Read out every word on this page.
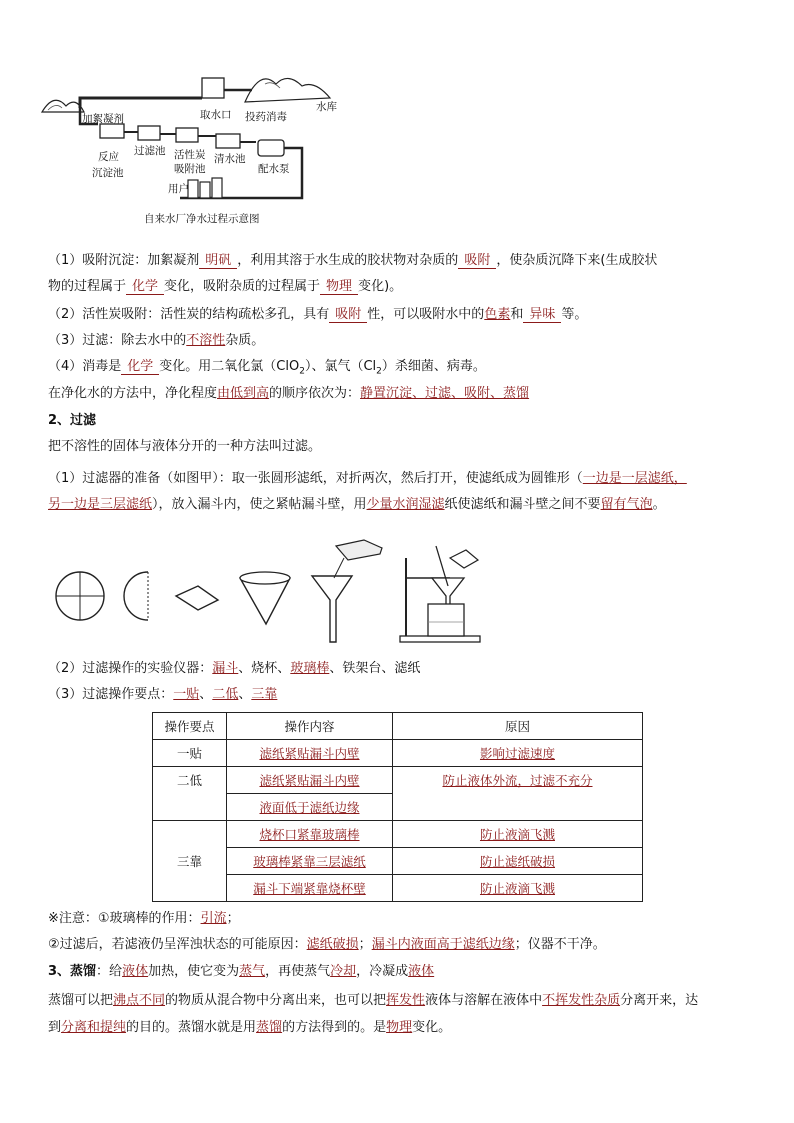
取水口
水库
投药消毒
加絮凝剂
反应
沉淀池
过滤池 活性炭
吸附池
清水池
配水泵
用户
自来水厂净水过程示意图
（1）吸附沉淀：加絮凝剂 明矾 ，利用其溶于水生成的胶状物对杂质的 吸附 ，使杂质沉降下来(生成胶状
物的过程属于 化学 变化，吸附杂质的过程属于 物理 变化)。
（2）活性炭吸附：活性炭的结构疏松多孔，具有 吸附 性，可以吸附水中的色素和 异味 等。
（3）过滤：除去水中的不溶性杂质。
（4）消毒是 化学 变化。用二氧化氯（ClO$_2$）、氯气$(Cl_2)$杀细菌、病毒。
在净化水的方法中，净化程度由低到高的顺序依次为：静置沉淀、过滤、吸附、蒸馏
2、过滤
把不溶性的固体与液体分开的一种方法叫过滤。
（1）过滤器的准备（如图甲）：取一张圆形滤纸，对折两次，然后打开，使滤纸成为圆锥形（一边是一层滤纸，
另一边是三层滤纸），放入漏斗内，使之紧帖漏斗壁，用少量水润湿滤纸使滤纸和漏斗壁之间不要留有气泡。
（2）过滤操作的实验仪器：漏斗、烧杯、玻璃棒、铁架台、滤纸
（3）过滤操作要点：一贴、二低、三靠
操作要点	操作内容	原因
一贴	滤纸紧贴漏斗内壁	影响过滤速度
二低	滤纸紧贴漏斗内壁	防止液体外流，过滤不充分
	液面低于滤纸边缘	
三靠	烧杯口紧靠玻璃棒	防止液滴飞溅
	玻璃棒紧靠三层滤纸	防止滤纸破损
	漏斗下端紧靠烧杯壁	防止液滴飞溅
※注意：①玻璃棒的作用：引流；
②过滤后，若滤液仍呈浑浊状态的可能原因：滤纸破损；漏斗内液面高于滤纸边缘；仪器不干净。
3、蒸馏：给液体加热，使它变为蒸气，再使蒸气冷却，冷凝成液体
蒸馏可以把沸点不同的物质从混合物中分离出来，也可以把挥发性液体与溶解在液体中不挥发性杂质分离开来，达
到分离和提纯的目的。蒸馏水就是用蒸馏的方法得到的。是物理变化。
